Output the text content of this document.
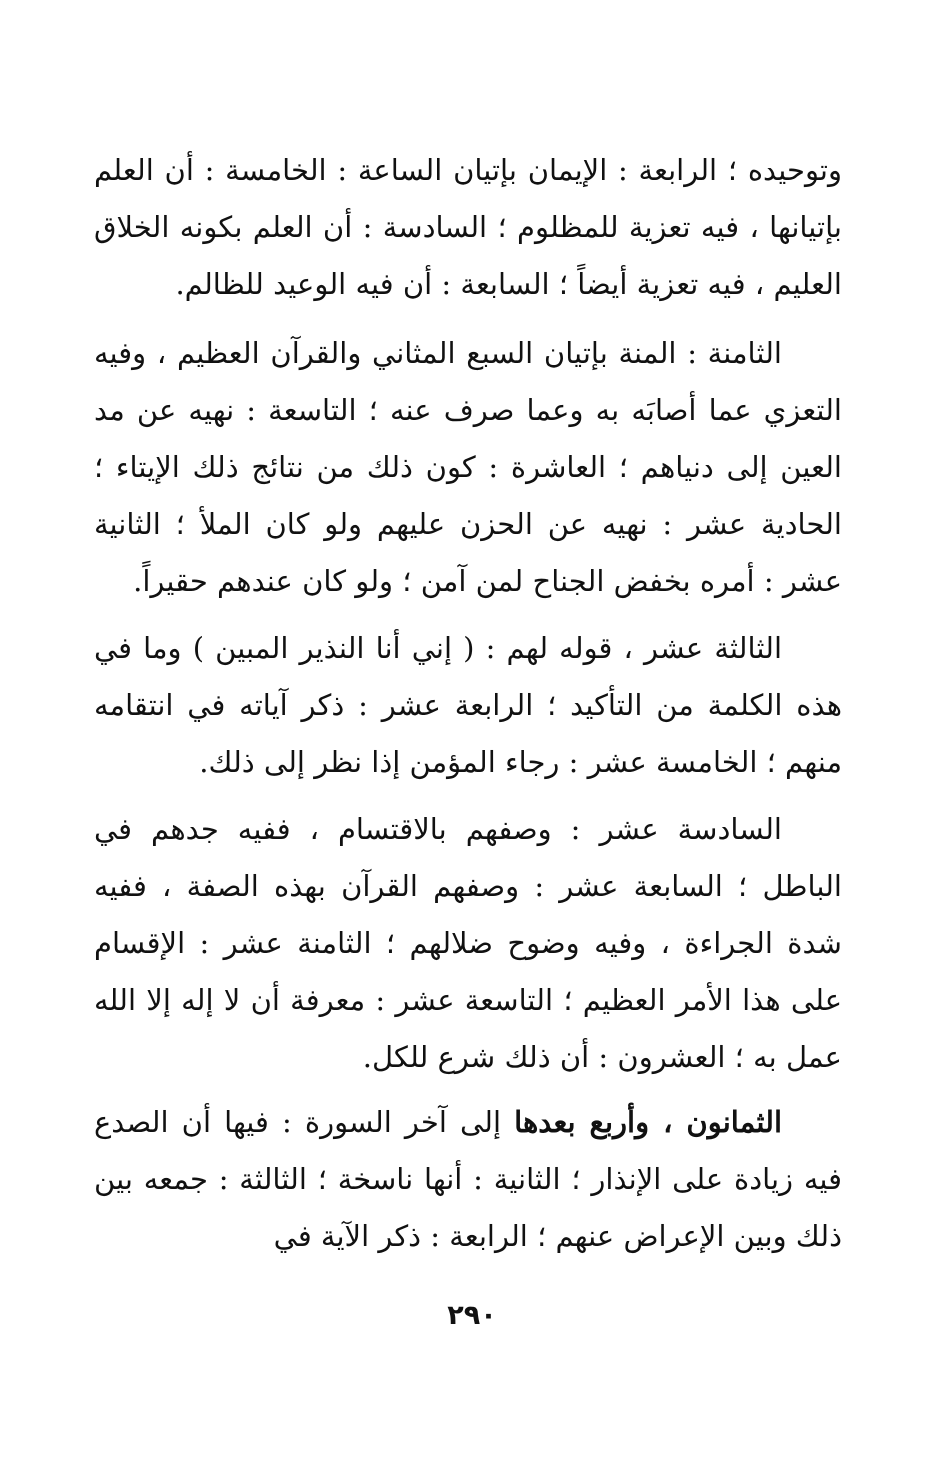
وتوحيده ؛ الرابعة : الإيمان بإتيان الساعة : الخامسة : أن العلم بإتيانها ، فيه تعزية للمظلوم ؛ السادسة : أن العلم بكونه الخلاق العليم ، فيه تعزية أيضاً ؛ السابعة : أن فيه الوعيد للظالم.

الثامنة : المنة بإتيان السبع المثاني والقرآن العظيم ، وفيه التعزي عما أصابَه به وعما صرف عنه ؛ التاسعة : نهيه عن مد العين إلى دنياهم ؛ العاشرة : كون ذلك من نتائج ذلك الإيتاء ؛ الحادية عشر : نهيه عن الحزن عليهم ولو كان الملأ ؛ الثانية عشر : أمره بخفض الجناح لمن آمن ؛ ولو كان عندهم حقيراً.

الثالثة عشر ، قوله لهم : ( إني أنا النذير المبين ) وما في هذه الكلمة من التأكيد ؛ الرابعة عشر : ذكر آياته في انتقامه منهم ؛ الخامسة عشر : رجاء المؤمن إذا نظر إلى ذلك.

السادسة عشر : وصفهم بالاقتسام ، ففيه جدهم في الباطل ؛ السابعة عشر : وصفهم القرآن بهذه الصفة ، ففيه شدة الجراءة ، وفيه وضوح ضلالهم ؛ الثامنة عشر : الإقسام على هذا الأمر العظيم ؛ التاسعة عشر : معرفة أن لا إله إلا الله عمل به ؛ العشرون : أن ذلك شرع للكل.

الثمانون ، وأربع بعدها إلى آخر السورة : فيها أن الصدع فيه زيادة على الإنذار ؛ الثانية : أنها ناسخة ؛ الثالثة : جمعه بين ذلك وبين الإعراض عنهم ؛ الرابعة : ذكر الآية في

٢٩٠
